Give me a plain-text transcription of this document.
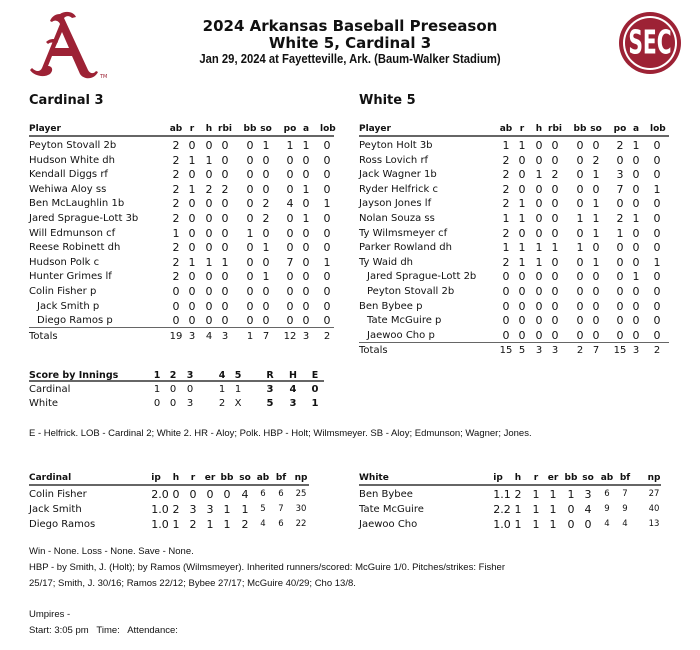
TM
SEC
2024 Arkansas Baseball Preseason
White 5, Cardinal 3
Jan 29, 2024 at Fayetteville, Ark. (Baum-Walker Stadium)
Cardinal 3	White 5
Player	ab r	h rbi bb so po a	lob
Peyton Stovall 2b	2 0 0 0	0 1	1 1	0
Hudson White dh	2 1 1 0	0 0	0 0	0
Kendall Diggs rf	2 0 0 0	0 0	0 0	0
Wehiwa Aloy ss	2 1 2 2	0 0	0 1	0
Ben McLaughlin 1b	2 0 0 0	0 2	4 0	1
Jared Sprague-Lott 3b	2 0 0 0	0 2	0 1	0
Will Edmunson cf	1 0 0 0	1 0	0 0	0
Reese Robinett dh	2 0 0 0	0 1	0 0	0
Hudson Polk c	2 1 1 1	0 0	7 0	1
Hunter Grimes lf	2 0 0 0	0 1	0 0	0
Colin Fisher p	0 0 0 0	0 0	0 0	0
Jack Smith p	0 0 0 0	0 0	0 0	0
Diego Ramos p	0 0 0 0	0 0	0 0	0
Totals	19 3	4 3	1 7	12 3	2
Player	ab r	h rbi bb so po a	lob
Peyton Holt 3b	1 1 0 0	0 0	2 1	0
Ross Lovich rf	2 0 0 0	0 2	0 0	0
Jack Wagner 1b	2 0 1 2	0 1	3 0	0
Ryder Helfrick c	2 0 0 0	0 0	7 0	1
Jayson Jones lf	2 1 0 0	0 1	0 0	0
Nolan Souza ss	1 1 0 0	1 1	2 1	0
Ty Wilmsmeyer cf	2 0 0 0	0 1	1 0	0
Parker Rowland dh	1 1 1 1	1 0	0 0	0
Ty Waid dh	2 1 1 0	0 1	0 0	1
Jared Sprague-Lott 2b	0 0 0 0	0 0	0 1	0
Peyton Stovall 2b	0 0 0 0	0 0	0 0	0
Ben Bybee p	0 0 0 0	0 0	0 0	0
Tate McGuire p	0 0 0 0	0 0	0 0	0
Jaewoo Cho p	0 0 0 0	0 0	0 0	0
Totals	15 5	3 3	2 7	15 3	2
Score by Innings	1 2	3	4 5	R	H	E
Cardinal	1 0	0	1 1	3	4	0
White	0 0	3	2 X	5	3	1
E - Helfrick. LOB - Cardinal 2; White 2. HR - Aloy; Polk. HBP - Holt; Wilmsmeyer. SB - Aloy; Edmunson; Wagner; Jones.
Cardinal	ip	h	r	er bb so ab bf np
Colin Fisher	2.0 0 0 0 0	4	6	6	25
Jack Smith	1.0 2 3 3 1	1	5	7	30
Diego Ramos	1.0 1 2 1 1	2	4	6	22
White	ip	h	r	er bb so ab bf	np
Ben Bybee	1.1 2	1 1	1 3	6	7	27
Tate McGuire	2.2 1	1 1	0 4	9	9	40
Jaewoo Cho	1.0 1	1 1	0 0	4	4	13
Win - None. Loss - None. Save - None.
HBP - by Smith, J. (Holt); by Ramos (Wilmsmeyer). Inherited runners/scored: McGuire 1/0. Pitches/strikes: Fisher
25/17; Smith, J. 30/16; Ramos 22/12; Bybee 27/17; McGuire 40/29; Cho 13/8.
Umpires -
Start: 3:05 pm   Time:   Attendance:
